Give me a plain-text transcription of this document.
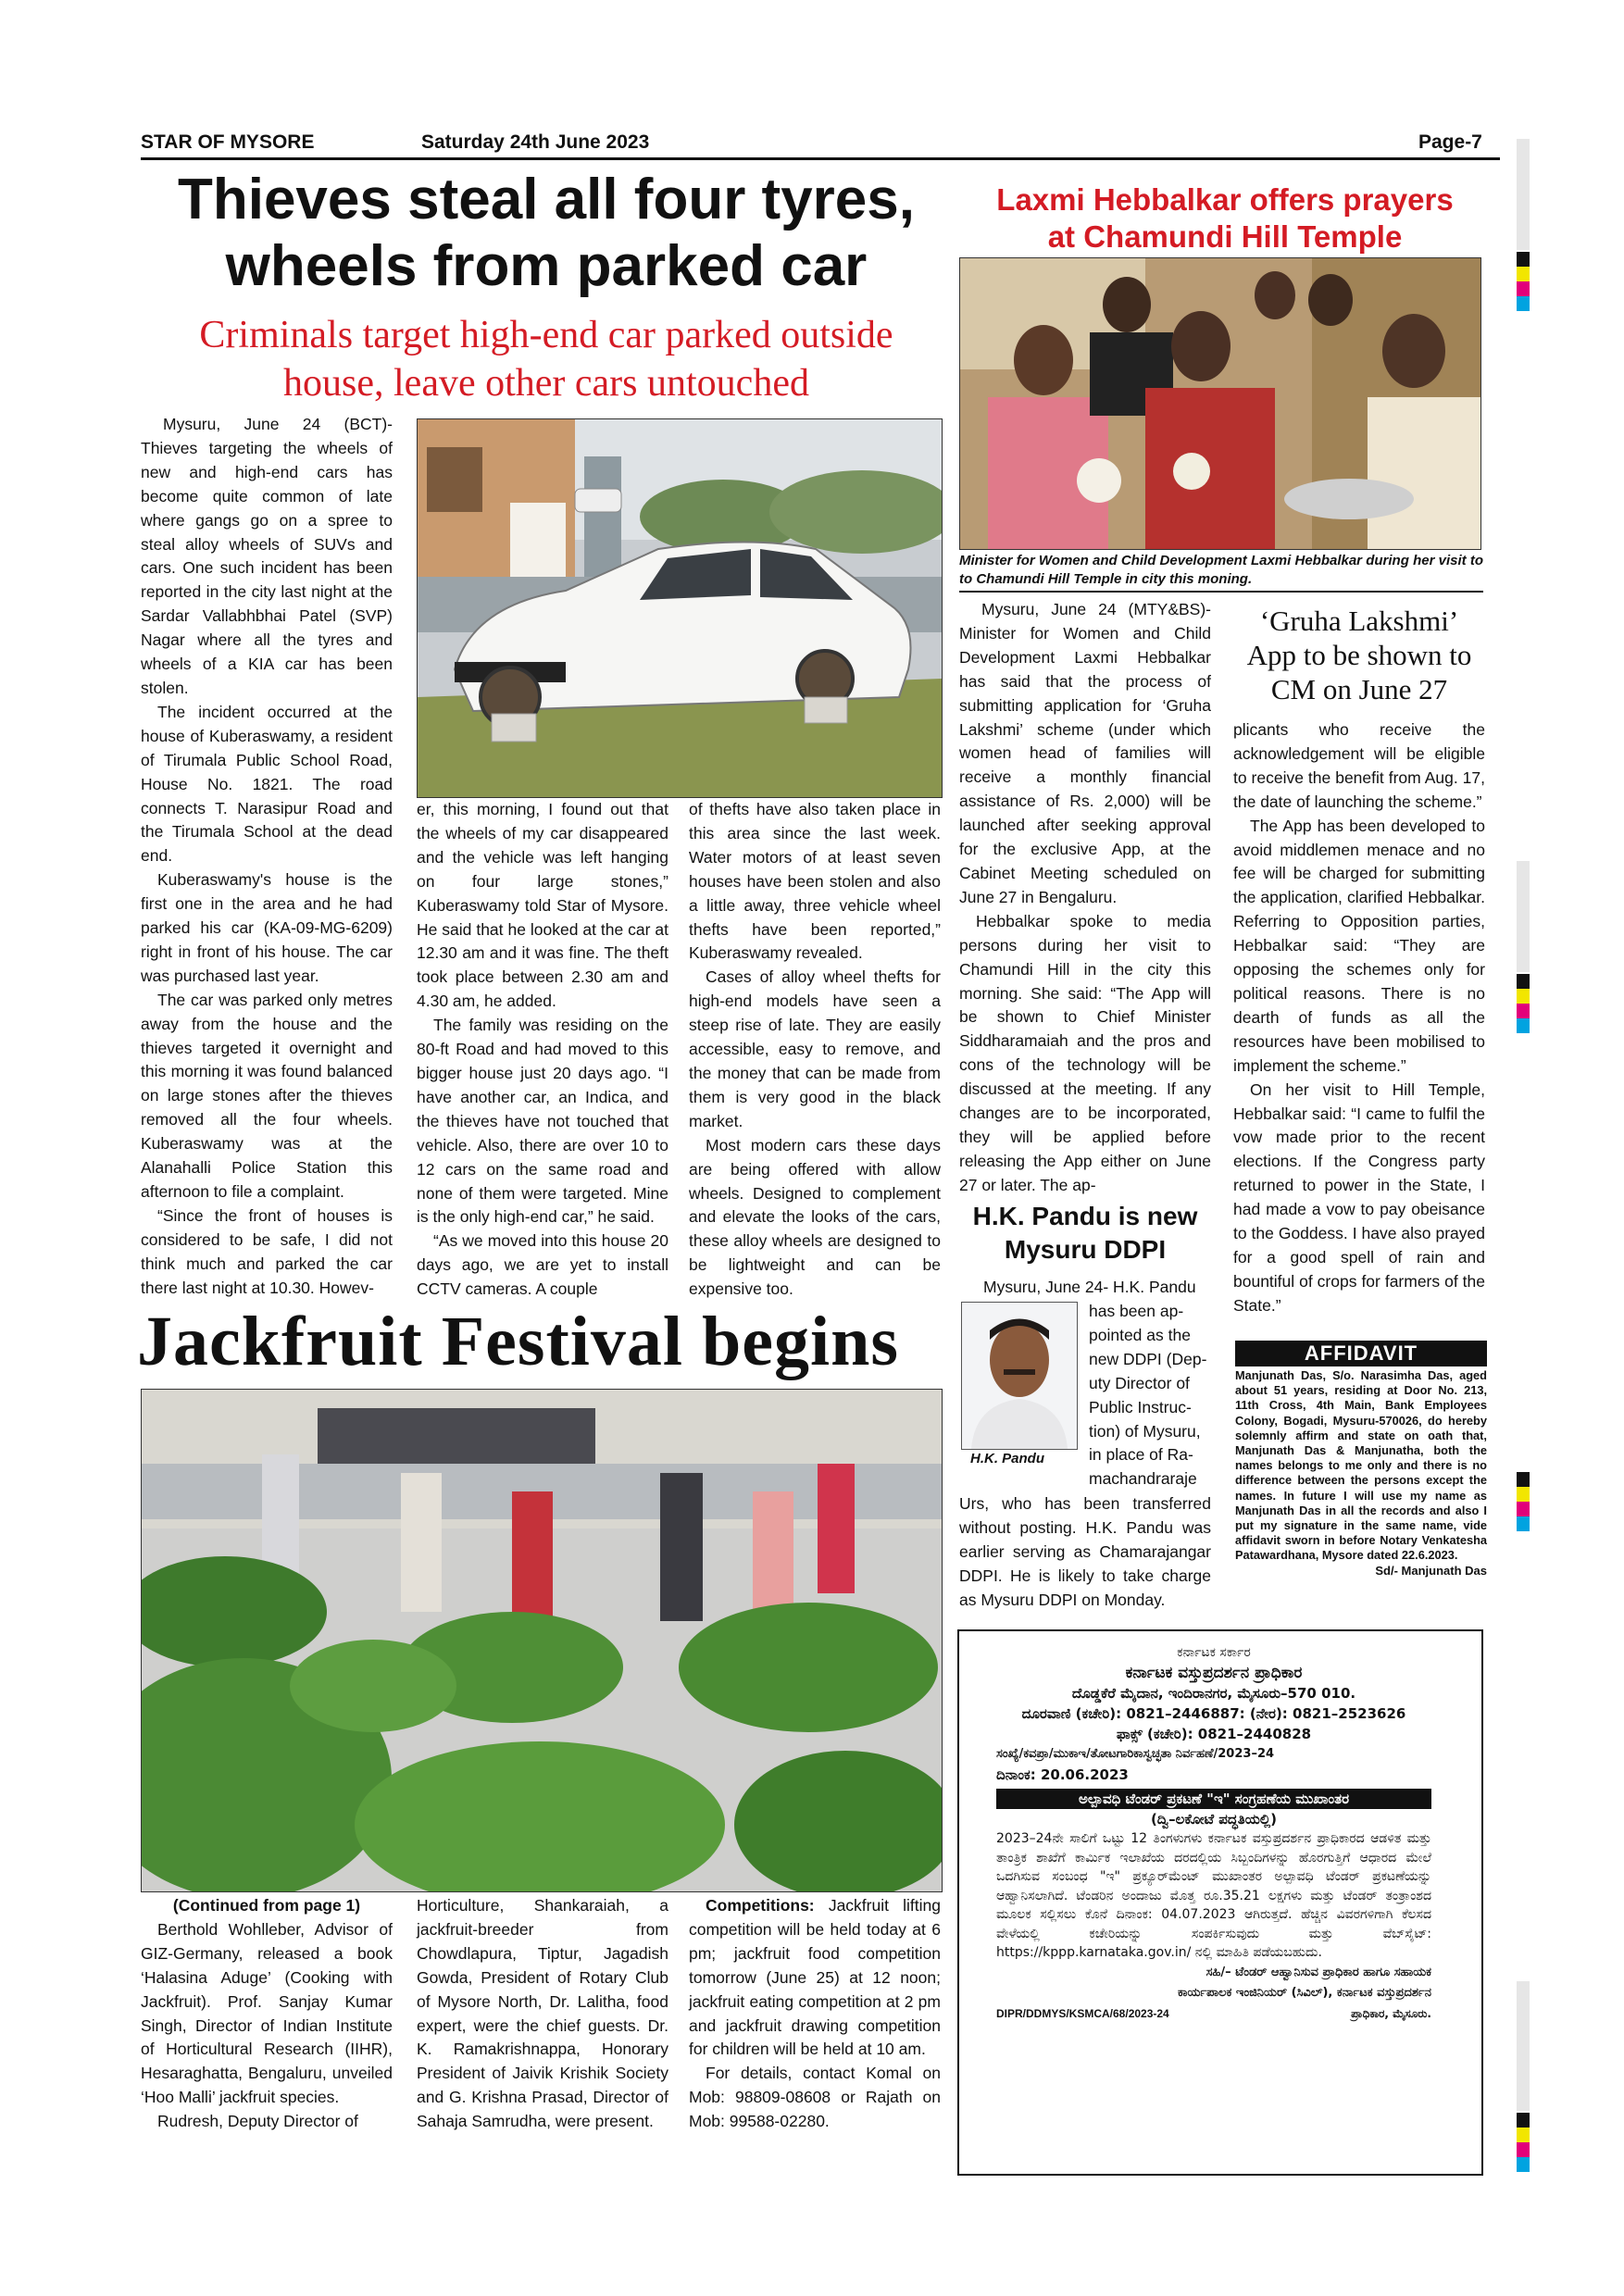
STAR OF MYSORE	Saturday 24th June 2023	Page-7
Thieves steal all four tyres,
wheels from parked car
Criminals target high-end car parked outside
house, leave other cars untouched

Mysuru, June 24 (BCT)- Thieves targeting the wheels of new and high-end cars has become quite common of late where gangs go on a spree to steal alloy wheels of SUVs and cars. One such incident has been reported in the city last night at the Sardar Vallabhbhai Patel (SVP) Nagar where all the tyres and wheels of a KIA car has been stolen.

The incident occurred at the house of Kuberaswamy, a resident of Tirumala Public School Road, House No. 1821. The road connects T. Narasipur Road and the Tirumala School at the dead end.

Kuberaswamy's house is the first one in the area and he had parked his car (KA-09-MG-6209) right in front of his house. The car was purchased last year.

The car was parked only metres away from the house and the thieves targeted it overnight and this morning it was found balanced on large stones after the thieves removed all the four wheels. Kuberaswamy was at the Alanahalli Police Station this afternoon to file a complaint.

“Since the front of houses is considered to be safe, I did not think much and parked the car there last night at 10.30. Howev-

er, this morning, I found out that the wheels of my car disappeared and the vehicle was left hanging on four large stones,” Kuberaswamy told Star of Mysore. He said that he looked at the car at 12.30 am and it was fine. The theft took place between 2.30 am and 4.30 am, he added.

The family was residing on the 80-ft Road and had moved to this bigger house just 20 days ago. “I have another car, an Indica, and the thieves have not touched that vehicle. Also, there are over 10 to 12 cars on the same road and none of them were targeted. Mine is the only high-end car,” he said.

“As we moved into this house 20 days ago, we are yet to install CCTV cameras. A couple

of thefts have also taken place in this area since the last week. Water motors of at least seven houses have been stolen and also a little away, three vehicle wheel thefts have been reported,” Kuberaswamy revealed.

Cases of alloy wheel thefts for high-end models have seen a steep rise of late. They are easily accessible, easy to remove, and the money that can be made from them is very good in the black market.

Most modern cars these days are being offered with allow wheels. Designed to complement and elevate the looks of the cars, these alloy wheels are designed to be lightweight and can be expensive too.

Laxmi Hebbalkar offers prayers
at Chamundi Hill Temple
Minister for Women and Child Development Laxmi Hebbalkar during her visit to to Chamundi Hill Temple in city this moning.

Mysuru, June 24 (MTY&BS)- Minister for Women and Child Development Laxmi Hebbalkar has said that the process of submitting application for ‘Gruha Lakshmi’ scheme (under which women head of families will receive a monthly financial assistance of Rs. 2,000) will be launched after seeking approval for the exclusive App, at the Cabinet Meeting scheduled on June 27 in Bengaluru.

Hebbalkar spoke to media persons during her visit to Chamundi Hill in the city this morning. She said: “The App will be shown to Chief Minister Siddharamaiah and the pros and cons of the technology will be discussed at the meeting. If any changes are to be incorporated, they will be applied before releasing the App either on June 27 or later. The ap-

‘Gruha Lakshmi’
App to be shown to
CM on June 27

plicants who receive the acknowledgement will be eligible to receive the benefit from Aug. 17, the date of launching the scheme.”

The App has been developed to avoid middlemen menace and no fee will be charged for submitting the application, clarified Hebbalkar. Referring to Opposition parties, Hebbalkar said: “They are opposing the schemes only for political reasons. There is no dearth of funds as all the resources have been mobilised to implement the scheme.”

On her visit to Hill Temple, Hebbalkar said: “I came to fulfil the vow made prior to the recent elections. If the Congress party returned to power in the State, I had made a vow to pay obeisance to the Goddess. I have also prayed for a good spell of rain and bountiful of crops for farmers of the State.”

H.K. Pandu is new
Mysuru DDPI
H.K. Pandu
Mysuru, June 24- H.K. Pandu
has been ap-
pointed as the
new DDPI (Dep-
uty Director of
Public Instruc-
tion) of Mysuru,
in place of Ra-
machandraraje
Urs, who has been transferred without posting. H.K. Pandu was earlier serving as Chamarajangar DDPI. He is likely to take charge as Mysuru DDPI on Monday.
AFFIDAVIT
Manjunath Das, S/o. Narasimha Das, aged about 51 years, residing at Door No. 213, 11th Cross, 4th Main, Bank Employees Colony, Bogadi, Mysuru-570026, do hereby solemnly affirm and state on oath that, Manjunath Das & Manjunatha, both the names belongs to me only and there is no difference between the persons except the names. In future I will use my name as Manjunath Das in all the records and also I put my signature in the same name, vide affidavit sworn in before Notary Venkatesha Patawardhana, Mysore dated 22.6.2023.
Sd/- Manjunath Das
ಕರ್ನಾಟಕ ಸರ್ಕಾರ
ಕರ್ನಾಟಕ ವಸ್ತುಪ್ರದರ್ಶನ ಪ್ರಾಧಿಕಾರ
ದೊಡ್ಡಕೆರೆ ಮೈದಾನ, ಇಂದಿರಾನಗರ, ಮೈಸೂರು–570 010.
ದೂರವಾಣಿ (ಕಚೇರಿ): 0821–2446887: (ನೇರ): 0821–2523626
ಫಾಕ್ಸ್ (ಕಚೇರಿ): 0821–2440828
ಸಂಖ್ಯೆ/ಕವಪ್ರಾ/ಮುಕಾಇ/ತೋಟಗಾರಿಕಾಸ್ವಚ್ಛತಾ ನಿರ್ವಹಣೆ/2023–24
ದಿನಾಂಕ: 20.06.2023
ಅಲ್ಪಾವಧಿ ಟೆಂಡರ್ ಪ್ರಕಟಣೆ "ಇ" ಸಂಗ್ರಹಣೆಯ ಮುಖಾಂತರ
(ದ್ವಿ–ಲಕೋಟೆ ಪದ್ಧತಿಯಲ್ಲಿ)
2023–24ನೇ ಸಾಲಿಗೆ ಒಟ್ಟು 12 ತಿಂಗಳುಗಳು ಕರ್ನಾಟಕ ವಸ್ತುಪ್ರದರ್ಶನ ಪ್ರಾಧಿಕಾರದ ಆಡಳಿತ ಮತ್ತು ತಾಂತ್ರಿಕ ಶಾಖೆಗೆ ಕಾರ್ಮಿಕ ಇಲಾಖೆಯ ದರದಲ್ಲಿಯ ಸಿಬ್ಬಂದಿಗಳನ್ನು ಹೊರಗುತ್ತಿಗೆ ಆಧಾರದ ಮೇಲೆ ಒದಗಿಸುವ ಸಂಬಂಧ "ಇ" ಪ್ರಕ್ಯೂರ್‌ಮೆಂಟ್ ಮುಖಾಂತರ ಅಲ್ಪಾವಧಿ ಟೆಂಡರ್ ಪ್ರಕಟಣೆಯನ್ನು ಆಹ್ವಾನಿಸಲಾಗಿದೆ. ಟೆಂಡರಿನ ಅಂದಾಜು ಮೊತ್ತ ರೂ.35.21 ಲಕ್ಷಗಳು ಮತ್ತು ಟೆಂಡರ್ ತಂತ್ರಾಂಶದ ಮೂಲಕ ಸಲ್ಲಿಸಲು ಕೊನೆ ದಿನಾಂಕ: 04.07.2023 ಆಗಿರುತ್ತದೆ. ಹೆಚ್ಚಿನ ವಿವರಗಳಿಗಾಗಿ ಕೆಲಸದ ವೇಳೆಯಲ್ಲಿ ಕಚೇರಿಯನ್ನು ಸಂಪರ್ಕಿಸುವುದು ಮತ್ತು ವೆಬ್‌ಸೈಟ್: https://kppp.karnataka.gov.in/ ನಲ್ಲಿ ಮಾಹಿತಿ ಪಡೆಯಬಹುದು.
ಸಹಿ/– ಟೆಂಡರ್ ಆಹ್ವಾನಿಸುವ ಪ್ರಾಧಿಕಾರ ಹಾಗೂ ಸಹಾಯಕ
ಕಾರ್ಯಪಾಲಕ ಇಂಜಿನಿಯರ್ (ಸಿವಿಲ್), ಕರ್ನಾಟಕ ವಸ್ತುಪ್ರದರ್ಶನ
DIPR/DDMYS/KSMCA/68/2023-24	ಪ್ರಾಧಿಕಾರ, ಮೈಸೂರು.
Jackfruit Festival begins
(Continued from page 1)

Berthold Wohlleber, Advisor of GIZ-Germany, released a book ‘Halasina Aduge’ (Cooking with Jackfruit). Prof. Sanjay Kumar Singh, Director of Indian Institute of Horticultural Research (IIHR), Hesaraghatta, Bengaluru, unveiled ‘Hoo Malli’ jackfruit species.

Rudresh, Deputy Director of

Horticulture, Shankaraiah, a jackfruit-breeder from Chowdlapura, Tiptur, Jagadish Gowda, President of Rotary Club of Mysore North, Dr. Lalitha, food expert, were the chief guests. Dr. K. Ramakrishnappa, Honorary President of Jaivik Krishik Society and G. Krishna Prasad, Director of Sahaja Samrudha, were present.

Competitions: Jackfruit lifting competition will be held today at 6 pm; jackfruit food competition tomorrow (June 25) at 12 noon; jackfruit eating competition at 2 pm and jackfruit drawing competition for children will be held at 10 am.

For details, contact Komal on Mob: 98809-08608 or Rajath on Mob: 99588-02280.
